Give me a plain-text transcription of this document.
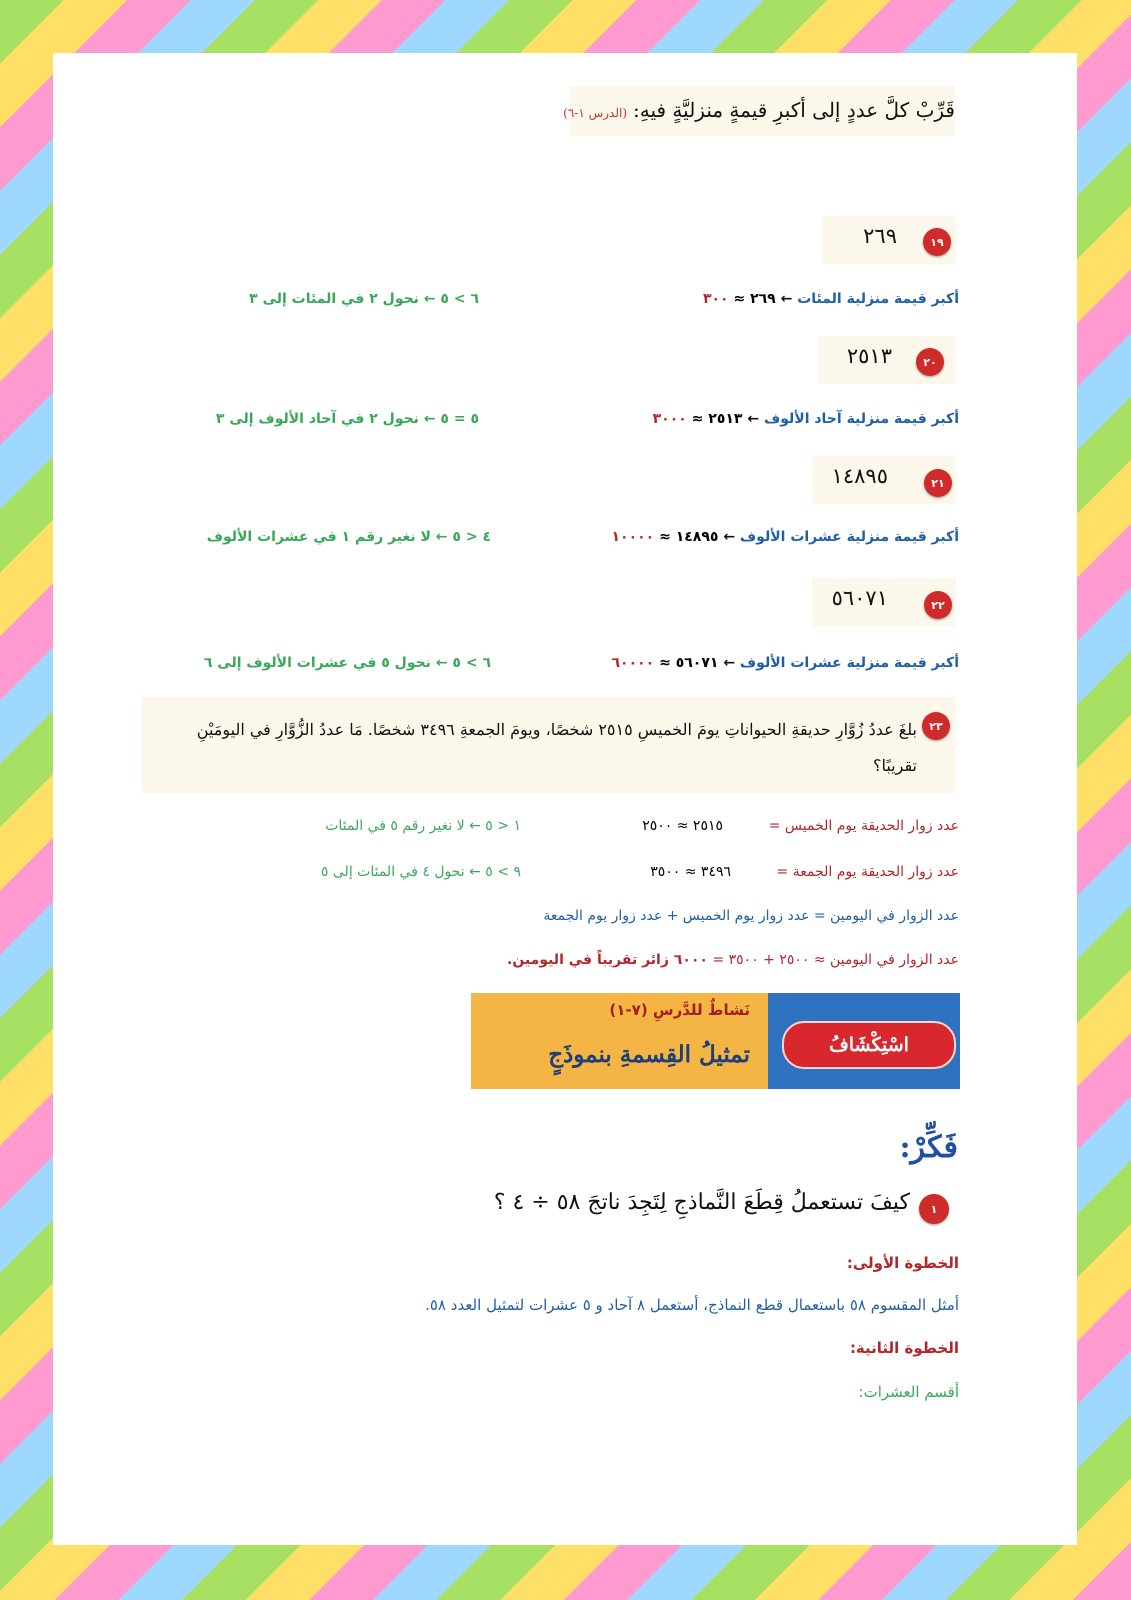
قَرِّبْ كلَّ عددٍ إلى أكبرِ قيمةٍ منزليَّةٍ فيهِ:(الدرس ١-٦)
١٩
٢٦٩
أكبر قيمة منزلية المئات ← ٢٦٩ ≈ ٣٠٠
٦ > ٥ ← نحول ٢ في المئات إلى ٣
٢٠
٢٥١٣
أكبر قيمة منزلية آحاد الألوف ← ٢٥١٣ ≈ ٣٠٠٠
٥ = ٥ ← نحول ٢ في آحاد الألوف إلى ٣
٢١
١٤٨٩٥
أكبر قيمة منزلية عشرات الألوف ← ١٤٨٩٥ ≈ ١٠٠٠٠
٤ < ٥ ← لا نغير رقم ١ في عشرات الألوف
٢٢
٥٦٠٧١
أكبر قيمة منزلية عشرات الألوف ← ٥٦٠٧١ ≈ ٦٠٠٠٠
٦ > ٥ ← نحول ٥ في عشرات الألوف إلى ٦
٢٣
بلغَ عددُ زُوَّارِ حديقةِ الحيواناتِ يومَ الخميسِ ٢٥١٥ شخصًا، ويومَ الجمعةِ ٣٤٩٦ شخصًا. مَا عددُ الزُّوَّارِ في اليومَيْنِ تقريبًا؟
عدد زوار الحديقة يوم الخميس =
٢٥١٥ ≈ ٢٥٠٠
١ < ٥ ← لا نغير رقم ٥ في المئات
عدد زوار الحديقة يوم الجمعة =
٣٤٩٦ ≈ ٣٥٠٠
٩ > ٥ ← نحول ٤ في المئات إلى ٥
عدد الزوار في اليومين = عدد زوار يوم الخميس + عدد زوار يوم الجمعة
عدد الزوار في اليومين ≈ ٢٥٠٠ + ٣٥٠٠ = ٦٠٠٠ زائر تقريباً في اليومين.
اسْتِكْشَافُ
نَشاطٌ للدَّرسِ (٧-١)
تمثيلُ القِسمةِ بنموذَجٍ
فَكِّرْ:
١
كيفَ تستعملُ قِطَعَ النَّماذجِ لِتَجِدَ ناتجَ ٥٨ ÷ ٤ ؟
الخطوة الأولى:
أمثل المقسوم ٥٨ باستعمال قطع النماذج، أستعمل ٨ آحاد و ٥ عشرات لتمثيل العدد ٥٨.
الخطوة الثانية:
أقسم العشرات:
